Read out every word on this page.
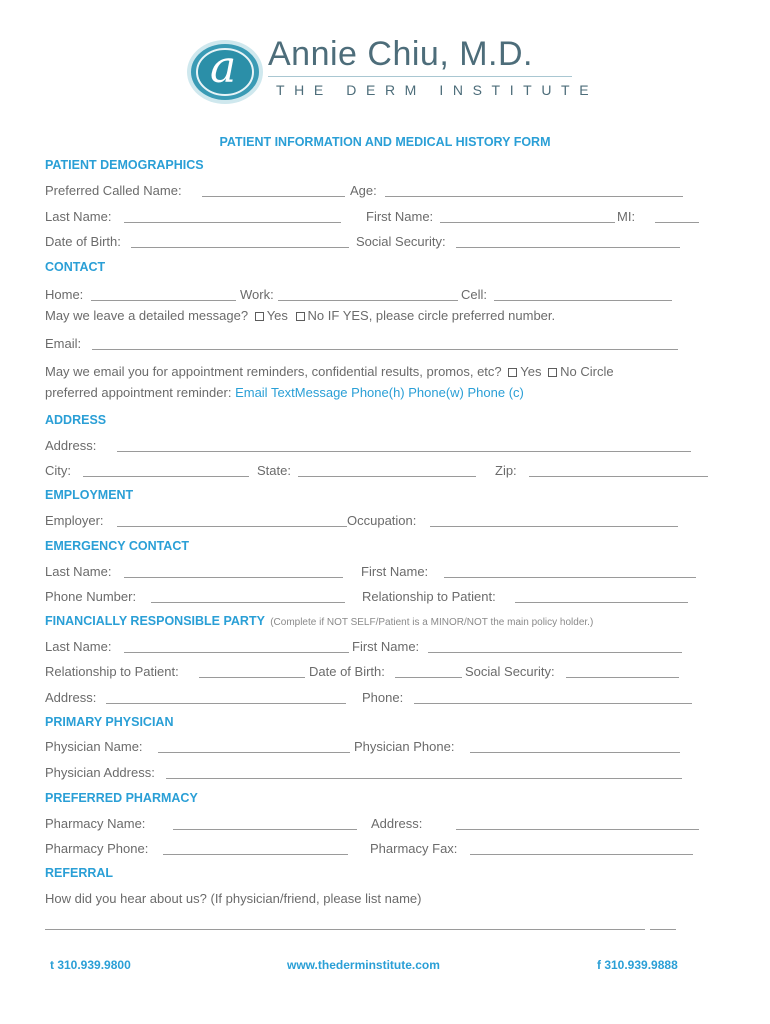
a Annie Chiu, M.D.
THE DERM INSTITUTE
PATIENT INFORMATION AND MEDICAL HISTORY FORM
PATIENT DEMOGRAPHICS
Preferred Called Name:	Age:
Last Name:	First Name:	MI:
Date of Birth:	Social Security:
CONTACT
Home:	Work:	Cell:
May we leave a detailed message? Yes No IF YES, please circle preferred number.
Email:
May we email you for appointment reminders, confidential results, promos, etc? Yes No Circle
preferred appointment reminder: Email TextMessage Phone(h) Phone(w) Phone (c)
ADDRESS
Address:
City:	State:	Zip:
EMPLOYMENT
Employer:	Occupation:
EMERGENCY CONTACT
Last Name:	First Name:
Phone Number:	Relationship to Patient:
FINANCIALLY RESPONSIBLE PARTY (Complete if NOT SELF/Patient is a MINOR/NOT the main policy holder.)
Last Name:	First Name:
Relationship to Patient:	Date of Birth:	Social Security:
Address:	Phone:
PRIMARY PHYSICIAN
Physician Name:	Physician Phone:
Physician Address:
PREFERRED PHARMACY
Pharmacy Name:	Address:
Pharmacy Phone:	Pharmacy Fax:
REFERRAL
How did you hear about us? (If physician/friend, please list name)
t 310.939.9800	www.thederminstitute.com	f 310.939.9888
